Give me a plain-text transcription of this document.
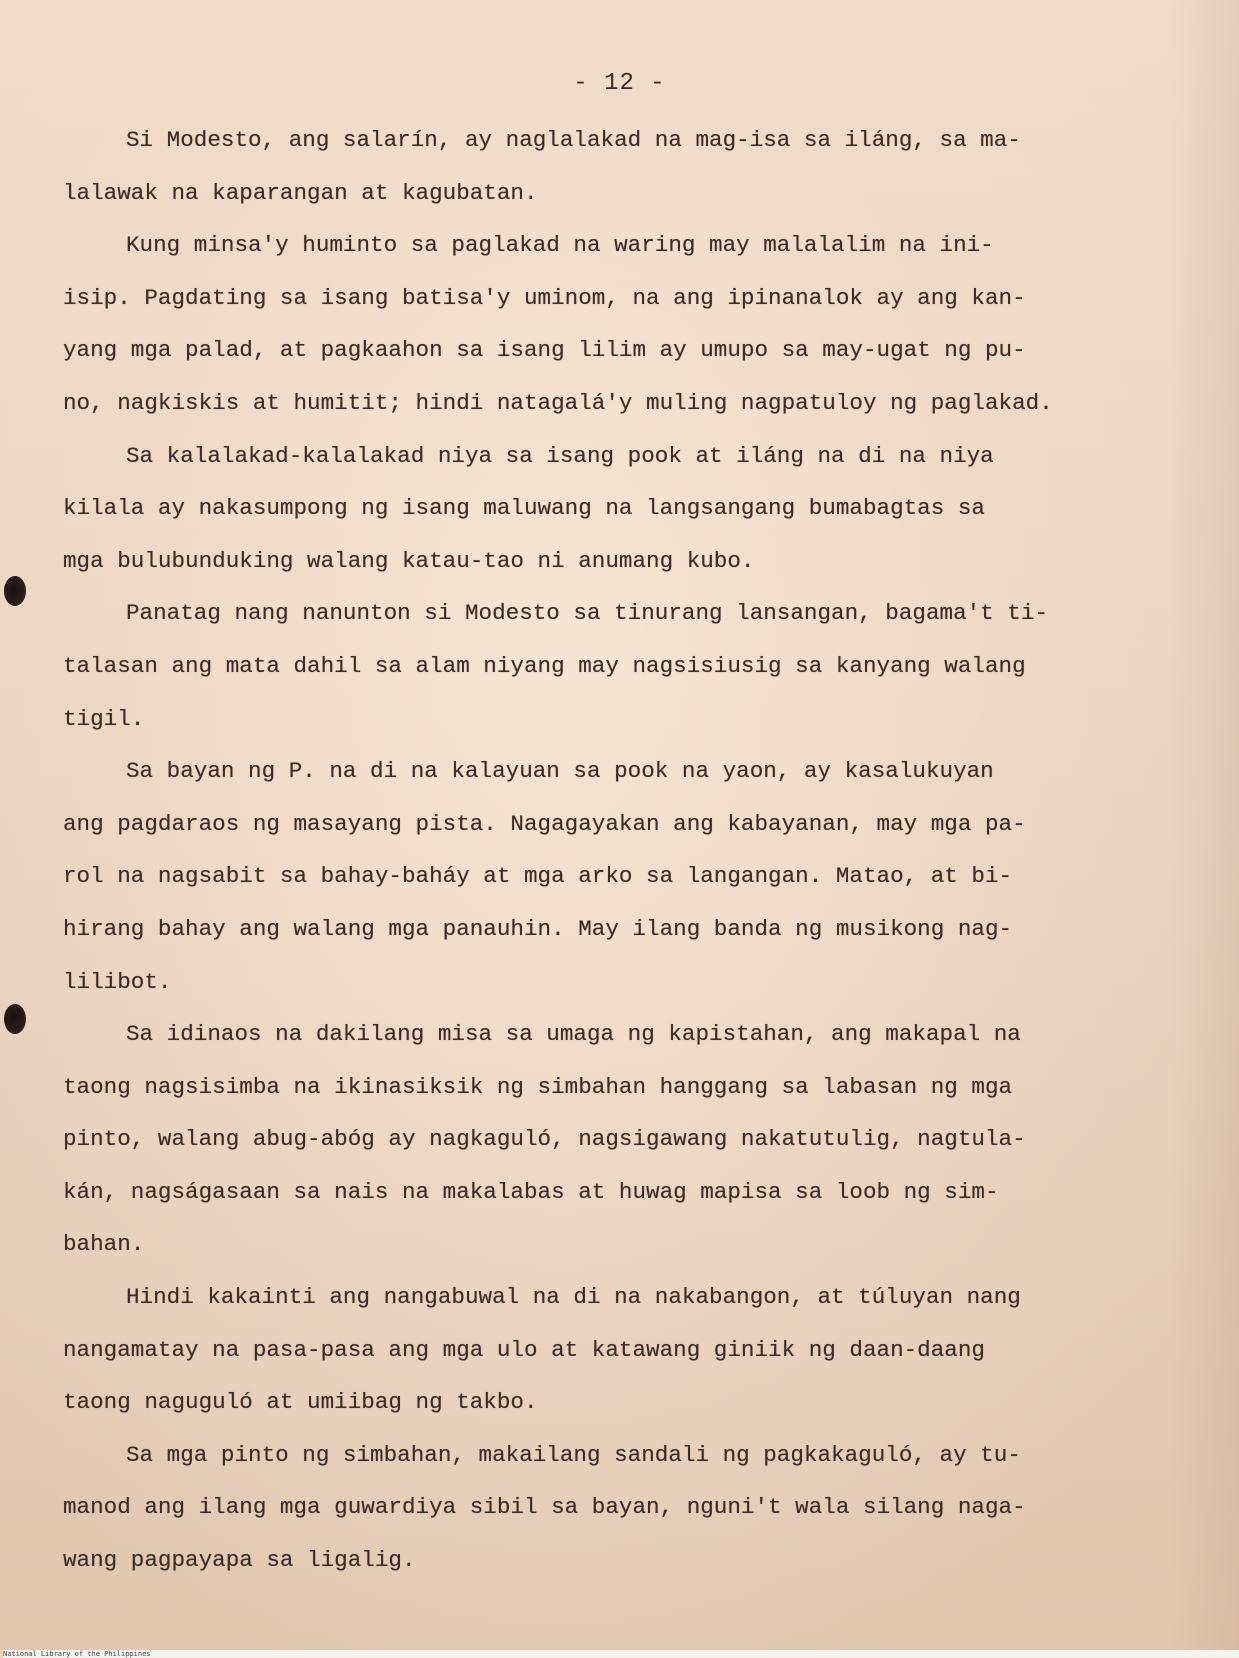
- 12 -
Si Modesto, ang salarín, ay naglalakad na mag-isa sa iláng, sa ma-
lalawak na kaparangan at kagubatan.
Kung minsa'y huminto sa paglakad na waring may malalalim na ini-
isip. Pagdating sa isang batisa'y uminom, na ang ipinanalok ay ang kan-
yang mga palad, at pagkaahon sa isang lilim ay umupo sa may-ugat ng pu-
no, nagkiskis at humitit; hindi natagalá'y muling nagpatuloy ng paglakad.
Sa kalalakad-kalalakad niya sa isang pook at iláng na di na niya
kilala ay nakasumpong ng isang maluwang na langsangang bumabagtas sa
mga bulubunduking walang katau-tao ni anumang kubo.
Panatag nang nanunton si Modesto sa tinurang lansangan, bagama't ti-
talasan ang mata dahil sa alam niyang may nagsisiusig sa kanyang walang
tigil.
Sa bayan ng P. na di na kalayuan sa pook na yaon, ay kasalukuyan
ang pagdaraos ng masayang pista. Nagagayakan ang kabayanan, may mga pa-
rol na nagsabit sa bahay-baháy at mga arko sa langangan. Matao, at bi-
hirang bahay ang walang mga panauhin. May ilang banda ng musikong nag-
lilibot.
Sa idinaos na dakilang misa sa umaga ng kapistahan, ang makapal na
taong nagsisimba na ikinasiksik ng simbahan hanggang sa labasan ng mga
pinto, walang abug-abóg ay nagkaguló, nagsigawang nakatutulig, nagtula-
kán, nagságasaan sa nais na makalabas at huwag mapisa sa loob ng sim-
bahan.
Hindi kakainti ang nangabuwal na di na nakabangon, at túluyan nang
nangamatay na pasa-pasa ang mga ulo at katawang giniik ng daan-daang
taong naguguló at umiibag ng takbo.
Sa mga pinto ng simbahan, makailang sandali ng pagkakaguló, ay tu-
manod ang ilang mga guwardiya sibil sa bayan, nguni't wala silang naga-
wang pagpayapa sa ligalig.
National Library of the Philippines
